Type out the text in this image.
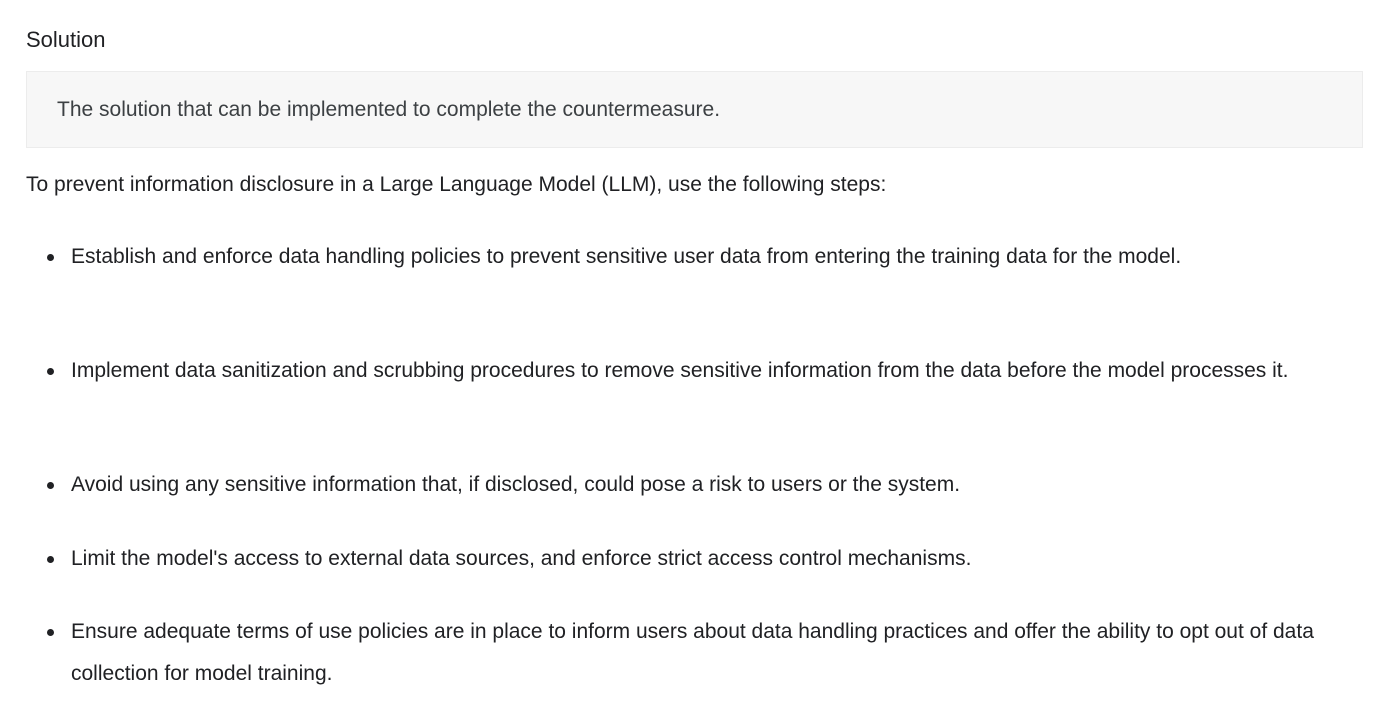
Solution

The solution that can be implemented to complete the countermeasure.

To prevent information disclosure in a Large Language Model (LLM), use the following steps:

Establish and enforce data handling policies to prevent sensitive user data from entering the training data for the model.
Implement data sanitization and scrubbing procedures to remove sensitive information from the data before the model processes it.
Avoid using any sensitive information that, if disclosed, could pose a risk to users or the system.
Limit the model's access to external data sources, and enforce strict access control mechanisms.
Ensure adequate terms of use policies are in place to inform users about data handling practices and offer the ability to opt out of data collection for model training.
